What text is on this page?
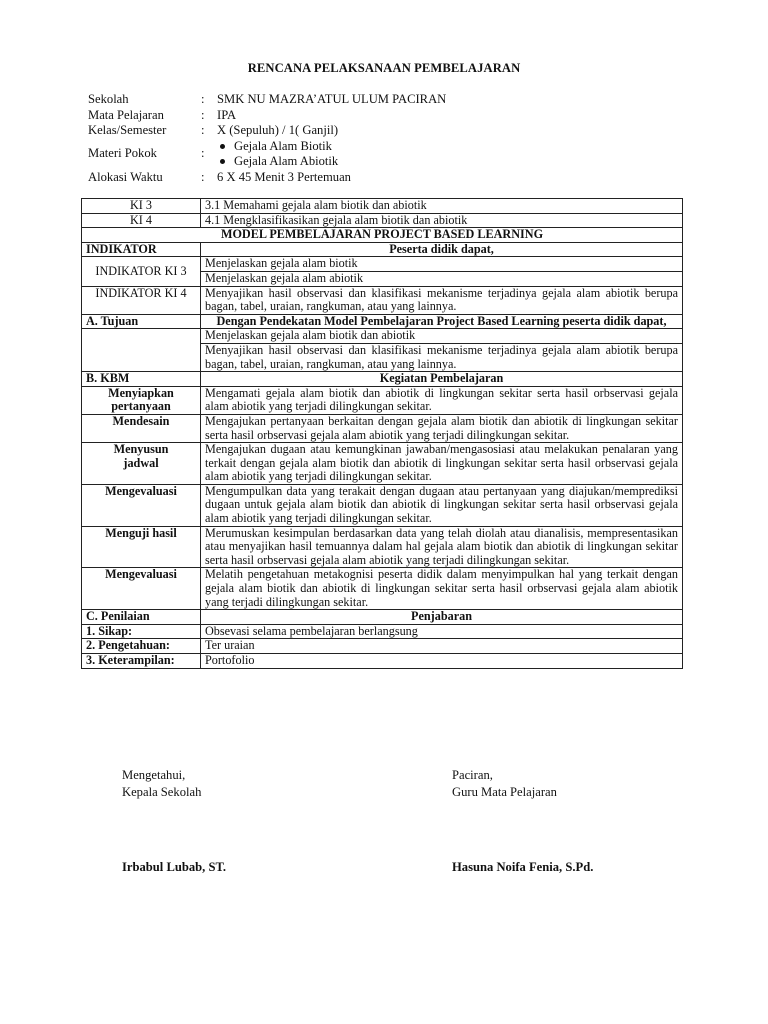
RENCANA PELAKSANAAN PEMBELAJARAN
Sekolah	: SMK NU MAZRA’ATUL ULUM PACIRAN
Mata Pelajaran	: IPA
Kelas/Semester	: X (Sepuluh) / 1( Ganjil)
Materi Pokok	:	Gejala Alam Biotik
Gejala Alam Abiotik
Alokasi Waktu	: 6 X 45 Menit 3 Pertemuan
KI 3	3.1 Memahami gejala alam biotik dan abiotik
KI 4	4.1 Mengklasifikasikan gejala alam biotik dan abiotik
MODEL PEMBELAJARAN PROJECT BASED LEARNING	
INDIKATOR	Peserta didik dapat,
INDIKATOR KI 3	Menjelaskan gejala alam biotik
	Menjelaskan gejala alam abiotik
INDIKATOR KI 4	Menyajikan hasil observasi dan klasifikasi mekanisme terjadinya gejala alam abiotik berupa bagan, tabel, uraian, rangkuman, atau yang lainnya.
A. Tujuan	Dengan Pendekatan Model Pembelajaran Project Based Learning peserta didik dapat,
	Menjelaskan gejala alam biotik dan abiotik
	Menyajikan hasil observasi dan klasifikasi mekanisme terjadinya gejala alam abiotik berupa bagan, tabel, uraian, rangkuman, atau yang lainnya.
B. KBM	Kegiatan Pembelajaran
Menyiapkan pertanyaan	Mengamati gejala alam biotik dan abiotik di lingkungan sekitar serta hasil orbservasi gejala alam abiotik yang terjadi dilingkungan sekitar.
Mendesain	Mengajukan pertanyaan berkaitan dengan gejala alam biotik dan abiotik di lingkungan sekitar serta hasil orbservasi gejala alam abiotik yang terjadi dilingkungan sekitar.
Menyusun jadwal	Mengajukan dugaan atau kemungkinan jawaban/mengasosiasi atau melakukan penalaran yang terkait dengan gejala alam biotik dan abiotik di lingkungan sekitar serta hasil orbservasi gejala alam abiotik yang terjadi dilingkungan sekitar.
Mengevaluasi	Mengumpulkan data yang terakait dengan dugaan atau pertanyaan yang diajukan/memprediksi dugaan untuk gejala alam biotik dan abiotik di lingkungan sekitar serta hasil orbservasi gejala alam abiotik yang terjadi dilingkungan sekitar.
Menguji hasil	Merumuskan kesimpulan berdasarkan data yang telah diolah atau dianalisis, mempresentasikan atau menyajikan hasil temuannya dalam hal gejala alam biotik dan abiotik di lingkungan sekitar serta hasil orbservasi gejala alam abiotik yang terjadi dilingkungan sekitar.
Mengevaluasi	Melatih pengetahuan metakognisi peserta didik dalam menyimpulkan hal yang terkait dengan gejala alam biotik dan abiotik di lingkungan sekitar serta hasil orbservasi gejala alam abiotik yang terjadi dilingkungan sekitar.
C. Penilaian	Penjabaran
1. Sikap:	Obsevasi selama pembelajaran berlangsung
2. Pengetahuan:	Ter uraian
3. Keterampilan:	Portofolio
Mengetahui,
Kepala Sekolah
Paciran,
Guru Mata Pelajaran
Irbabul Lubab, ST.	Hasuna Noifa Fenia, S.Pd.
